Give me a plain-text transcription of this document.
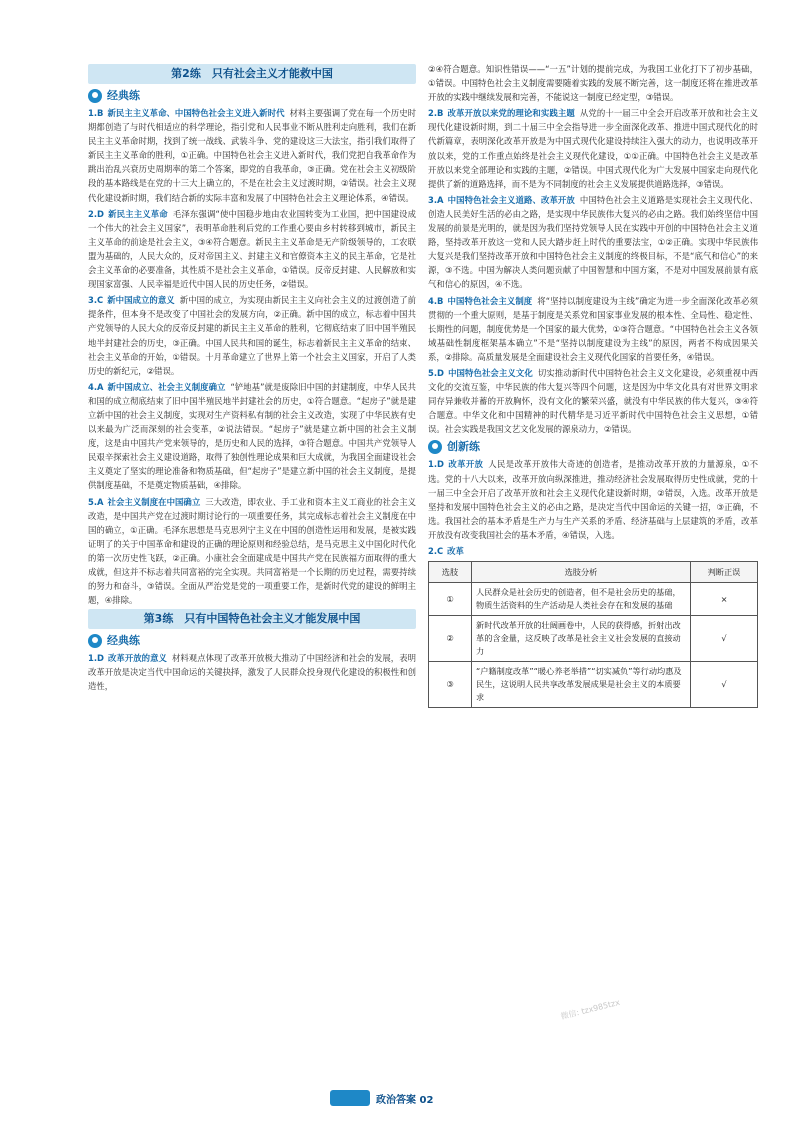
第2练　只有社会主义才能救中国
经典练
1.B 新民主主义革命、中国特色社会主义进入新时代 材料主要强调了党在每一个历史时期都创造了与时代相适应的科学理论，指引党和人民事业不断从胜利走向胜利，我们在新民主主义革命时期，找到了统一战线、武装斗争、党的建设这三大法宝，指引我们取得了新民主主义革命的胜利，①正确。中国特色社会主义进入新时代，我们党把自我革命作为跳出治乱兴衰历史周期率的第二个答案，即党的自我革命，③正确。党在社会主义初级阶段的基本路线是在党的十三大上确立的，不是在社会主义过渡时期，②错误。社会主义现代化建设新时期，我们结合新的实际丰富和发展了中国特色社会主义理论体系，④错误。
2.D 新民主主义革命 毛泽东强调“使中国稳步地由农业国转变为工业国，把中国建设成一个伟大的社会主义国家”，表明革命胜利后党的工作重心要由乡村转移到城市，新民主主义革命的前途是社会主义，③④符合题意。新民主主义革命是无产阶级领导的，工农联盟为基础的，人民大众的，反对帝国主义、封建主义和官僚资本主义的民主革命，它是社会主义革命的必要准备，其性质不是社会主义革命，①错误。反帝反封建、人民解放和实现国家富强、人民幸福是近代中国人民的历史任务，②错误。
3.C 新中国成立的意义 新中国的成立，为实现由新民主主义向社会主义的过渡创造了前提条件，但本身不是改变了中国社会的发展方向，②正确。新中国的成立，标志着中国共产党领导的人民大众的反帝反封建的新民主主义革命的胜利，它彻底结束了旧中国半殖民地半封建社会的历史，③正确。中国人民共和国的诞生，标志着新民主主义革命的结束、社会主义革命的开始，①错误。十月革命建立了世界上第一个社会主义国家，开启了人类历史的新纪元，②错误。
4.A 新中国成立、社会主义制度确立 “铲地基”就是废除旧中国的封建制度，中华人民共和国的成立彻底结束了旧中国半殖民地半封建社会的历史，①符合题意。“起房子”就是建立新中国的社会主义制度，实现对生产资料私有制的社会主义改造，实现了中华民族有史以来最为广泛而深刻的社会变革，②说法错误。“起房子”就是建立新中国的社会主义制度，这是由中国共产党来领导的，是历史和人民的选择，③符合题意。中国共产党领导人民艰辛探索社会主义建设道路，取得了独创性理论成果和巨大成就，为我国全面建设社会主义奠定了坚实的理论准备和物质基础，但“起房子”是建立新中国的社会主义制度，是提供制度基础，不是奠定物质基础，④排除。
5.A 社会主义制度在中国确立 三大改造，即农业、手工业和资本主义工商业的社会主义改造，是中国共产党在过渡时期讨论行的一项重要任务，其完成标志着社会主义制度在中国的确立，①正确。毛泽东思想是马克思列宁主义在中国的创造性运用和发展，是被实践证明了的关于中国革命和建设的正确的理论原则和经验总结，是马克思主义中国化时代化的第一次历史性飞跃，②正确。小康社会全面建成是中国共产党在民族福方面取得的重大成就，但这并不标志着共同富裕的完全实现。共同富裕是一个长期的历史过程，需要持续的努力和奋斗，③错误。全面从严治党是党的一项重要工作，是新时代党的建设的鲜明主题，④排除。
第3练　只有中国特色社会主义才能发展中国
经典练
1.D 改革开放的意义 材料观点体现了改革开放极大推动了中国经济和社会的发展，表明改革开放是决定当代中国命运的关键抉择，激发了人民群众投身现代化建设的积极性和创造性，
②④符合题意。知识性错误——“一五”计划的提前完成，为我国工业化打下了初步基础，①错误。中国特色社会主义制度需要随着实践的发展不断完善，这一制度还将在推进改革开放的实践中继续发展和完善，不能说这一制度已经定型，③错误。
2.B 改革开放以来党的理论和实践主题 从党的十一届三中全会开启改革开放和社会主义现代化建设新时期，到二十届三中全会指导进一步全面深化改革、推进中国式现代化的时代新篇章，表明深化改革开放是为中国式现代化建设持续注入强大的动力，也说明改革开放以来，党的工作重点始终是社会主义现代化建设，①①正确。中国特色社会主义是改革开放以来党全部理论和实践的主题，②错误。中国式现代化为广大发展中国家走向现代化提供了新的道路选择，而不是为不同制度的社会主义发展提供道路选择，③错误。
3.A 中国特色社会主义道路、改革开放 中国特色社会主义道路是实现社会主义现代化、创造人民美好生活的必由之路，是实现中华民族伟大复兴的必由之路。我们始终坚信中国发展的前景是光明的，就是因为我们坚持党领导人民在实践中开创的中国特色社会主义道路，坚持改革开放这一党和人民大踏步赶上时代的重要法宝，①②正确。实现中华民族伟大复兴是我们坚持改革开放和中国特色社会主义制度的终极目标，不是“底气和信心”的来源，③不选。中国为解决人类问题贡献了中国智慧和中国方案，不是对中国发展前景有底气和信心的原因，④不选。
4.B 中国特色社会主义制度 将“坚持以制度建设为主线”确定为进一步全面深化改革必须贯彻的一个重大原则，是基于制度是关系党和国家事业发展的根本性、全局性、稳定性、长期性的问题，制度优势是一个国家的最大优势，①③符合题意。“中国特色社会主义各领域基础性制度框架基本确立”不是“坚持以制度建设为主线”的原因，两者不构成因果关系，②排除。高质量发展是全面建设社会主义现代化国家的首要任务，④错误。
5.D 中国特色社会主义文化 切实推动新时代中国特色社会主义文化建设，必须重视中西文化的交流互鉴，中华民族的伟大复兴等四个问题，这是因为中华文化具有对世界文明求同存异兼收并蓄的开放胸怀，没有文化的繁荣兴盛，就没有中华民族的伟大复兴，③④符合题意。中华文化和中国精神的时代精华是习近平新时代中国特色社会主义思想，①错误。社会实践是我国文艺文化发展的源泉动力，②错误。
创新练
1.D 改革开放 人民是改革开放伟大奇迹的创造者，是推动改革开放的力量源泉，①不选。党的十八大以来，改革开放向纵深推进，推动经济社会发展取得历史性成就，党的十一届三中全会开启了改革开放和社会主义现代化建设新时期，②错误，入选。改革开放是坚持和发展中国特色社会主义的必由之路，是决定当代中国命运的关键一招，③正确，不选。我国社会的基本矛盾是生产力与生产关系的矛盾、经济基础与上层建筑的矛盾，改革开放没有改变我国社会的基本矛盾，④错误，入选。
2.C 改革
选肢	选肢分析	判断正误
①	人民群众是社会历史的创造者，但不是社会历史的基础，物质生活资料的生产活动是人类社会存在和发展的基础	×
②	新时代改革开放的壮阔画卷中，人民的获得感，折射出改革的含金量，这反映了改革是社会主义社会发展的直接动力	√
③	“户籍制度改革”“暖心养老举措”“切实减负”等行动均惠及民生，这说明人民共享改革发展成果是社会主义的本质要求	√
微信: tzx985tzx
政治答案 02
